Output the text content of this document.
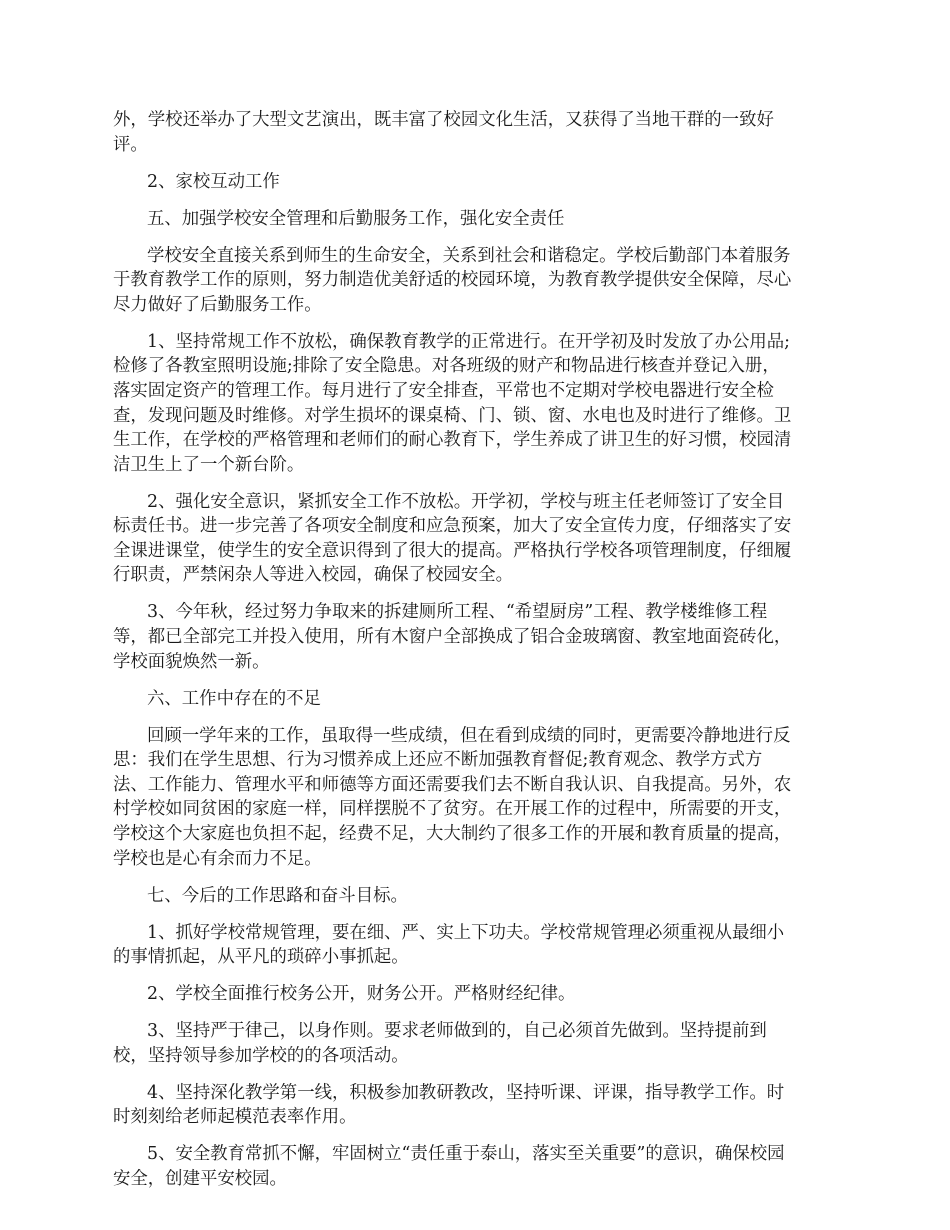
外，学校还举办了大型文艺演出，既丰富了校园文化生活，又获得了当地干群的一致好
评。

2、家校互动工作

五、加强学校安全管理和后勤服务工作，强化安全责任

学校安全直接关系到师生的生命安全，关系到社会和谐稳定。学校后勤部门本着服务
于教育教学工作的原则，努力制造优美舒适的校园环境，为教育教学提供安全保障，尽心
尽力做好了后勤服务工作。

1、坚持常规工作不放松，确保教育教学的正常进行。在开学初及时发放了办公用品;
检修了各教室照明设施;排除了安全隐患。对各班级的财产和物品进行核查并登记入册，
落实固定资产的管理工作。每月进行了安全排查，平常也不定期对学校电器进行安全检
查，发现问题及时维修。对学生损坏的课桌椅、门、锁、窗、水电也及时进行了维修。卫
生工作，在学校的严格管理和老师们的耐心教育下，学生养成了讲卫生的好习惯，校园清
洁卫生上了一个新台阶。

2、强化安全意识，紧抓安全工作不放松。开学初，学校与班主任老师签订了安全目
标责任书。进一步完善了各项安全制度和应急预案，加大了安全宣传力度，仔细落实了安
全课进课堂，使学生的安全意识得到了很大的提高。严格执行学校各项管理制度，仔细履
行职责，严禁闲杂人等进入校园，确保了校园安全。

3、今年秋，经过努力争取来的拆建厕所工程、“希望厨房”工程、教学楼维修工程
等，都已全部完工并投入使用，所有木窗户全部换成了铝合金玻璃窗、教室地面瓷砖化，
学校面貌焕然一新。

六、工作中存在的不足

回顾一学年来的工作，虽取得一些成绩，但在看到成绩的同时，更需要冷静地进行反
思：我们在学生思想、行为习惯养成上还应不断加强教育督促;教育观念、教学方式方
法、工作能力、管理水平和师德等方面还需要我们去不断自我认识、自我提高。另外，农
村学校如同贫困的家庭一样，同样摆脱不了贫穷。在开展工作的过程中，所需要的开支，
学校这个大家庭也负担不起，经费不足，大大制约了很多工作的开展和教育质量的提高，
学校也是心有余而力不足。

七、今后的工作思路和奋斗目标。

1、抓好学校常规管理，要在细、严、实上下功夫。学校常规管理必须重视从最细小
的事情抓起，从平凡的琐碎小事抓起。

2、学校全面推行校务公开，财务公开。严格财经纪律。

3、坚持严于律己，以身作则。要求老师做到的，自己必须首先做到。坚持提前到
校，坚持领导参加学校的的各项活动。

4、坚持深化教学第一线，积极参加教研教改，坚持听课、评课，指导教学工作。时
时刻刻给老师起模范表率作用。

5、安全教育常抓不懈，牢固树立“责任重于泰山，落实至关重要”的意识，确保校园
安全，创建平安校园。
